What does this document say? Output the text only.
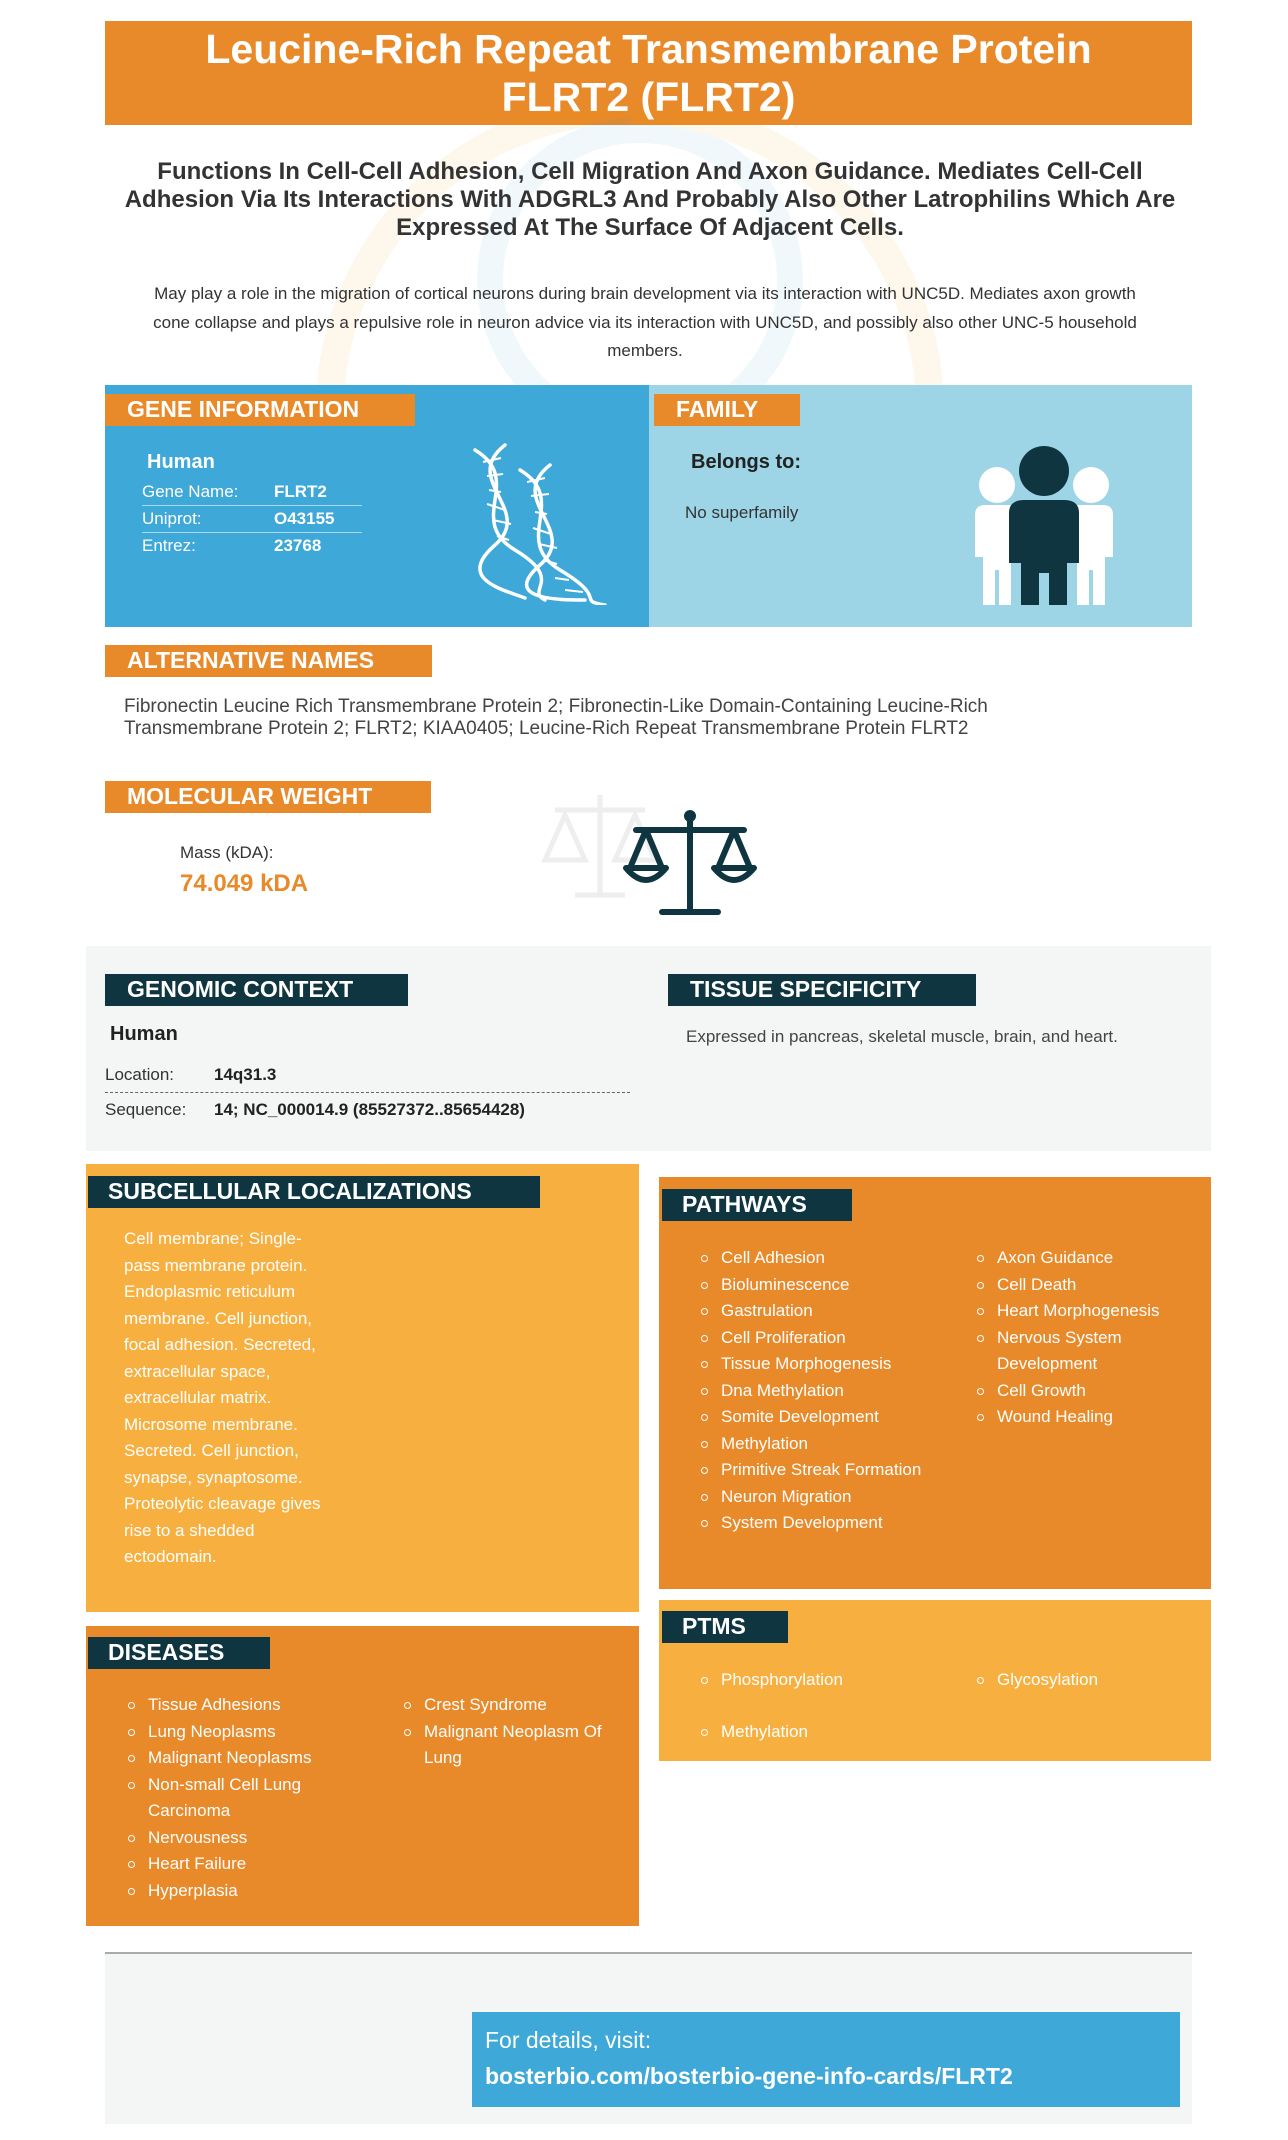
Leucine-Rich Repeat Transmembrane Protein FLRT2 (FLRT2)
Functions In Cell-Cell Adhesion, Cell Migration And Axon Guidance. Mediates Cell-Cell Adhesion Via Its Interactions With ADGRL3 And Probably Also Other Latrophilins Which Are Expressed At The Surface Of Adjacent Cells.
May play a role in the migration of cortical neurons during brain development via its interaction with UNC5D. Mediates axon growth cone collapse and plays a repulsive role in neuron advice via its interaction with UNC5D, and possibly also other UNC-5 household members.
GENE INFORMATION
Human
Gene Name: FLRT2
Uniprot:	O43155
Entrez:	23768
FAMILY
Belongs to:
No superfamily
ALTERNATIVE NAMES
Fibronectin Leucine Rich Transmembrane Protein 2; Fibronectin-Like Domain-Containing Leucine-Rich Transmembrane Protein 2; FLRT2; KIAA0405; Leucine-Rich Repeat Transmembrane Protein FLRT2
MOLECULAR WEIGHT
Mass (kDA):
74.049 kDA
GENOMIC CONTEXT	TISSUE SPECIFICITY
Human
Location: 14q31.3
Sequence: 14; NC_000014.9 (85527372..85654428)
Expressed in pancreas, skeletal muscle, brain, and heart.
SUBCELLULAR LOCALIZATIONS
Cell membrane; Single-pass membrane protein. Endoplasmic reticulum membrane. Cell junction, focal adhesion. Secreted, extracellular space, extracellular matrix. Microsome membrane. Secreted. Cell junction, synapse, synaptosome. Proteolytic cleavage gives rise to a shedded ectodomain.
PATHWAYS
Cell Adhesion
Bioluminescence
Gastrulation
Cell Proliferation
Tissue Morphogenesis
Dna Methylation
Somite Development
Methylation
Primitive Streak Formation
Neuron Migration
System Development
Axon Guidance
Cell Death
Heart Morphogenesis
Nervous System Development
Cell Growth
Wound Healing
PTMS
Phosphorylation
Methylation
Glycosylation
DISEASES
Tissue Adhesions
Lung Neoplasms
Malignant Neoplasms
Non-small Cell Lung Carcinoma
Nervousness
Heart Failure
Hyperplasia
Crest Syndrome
Malignant Neoplasm Of Lung
For details, visit:
bosterbio.com/bosterbio-gene-info-cards/FLRT2
